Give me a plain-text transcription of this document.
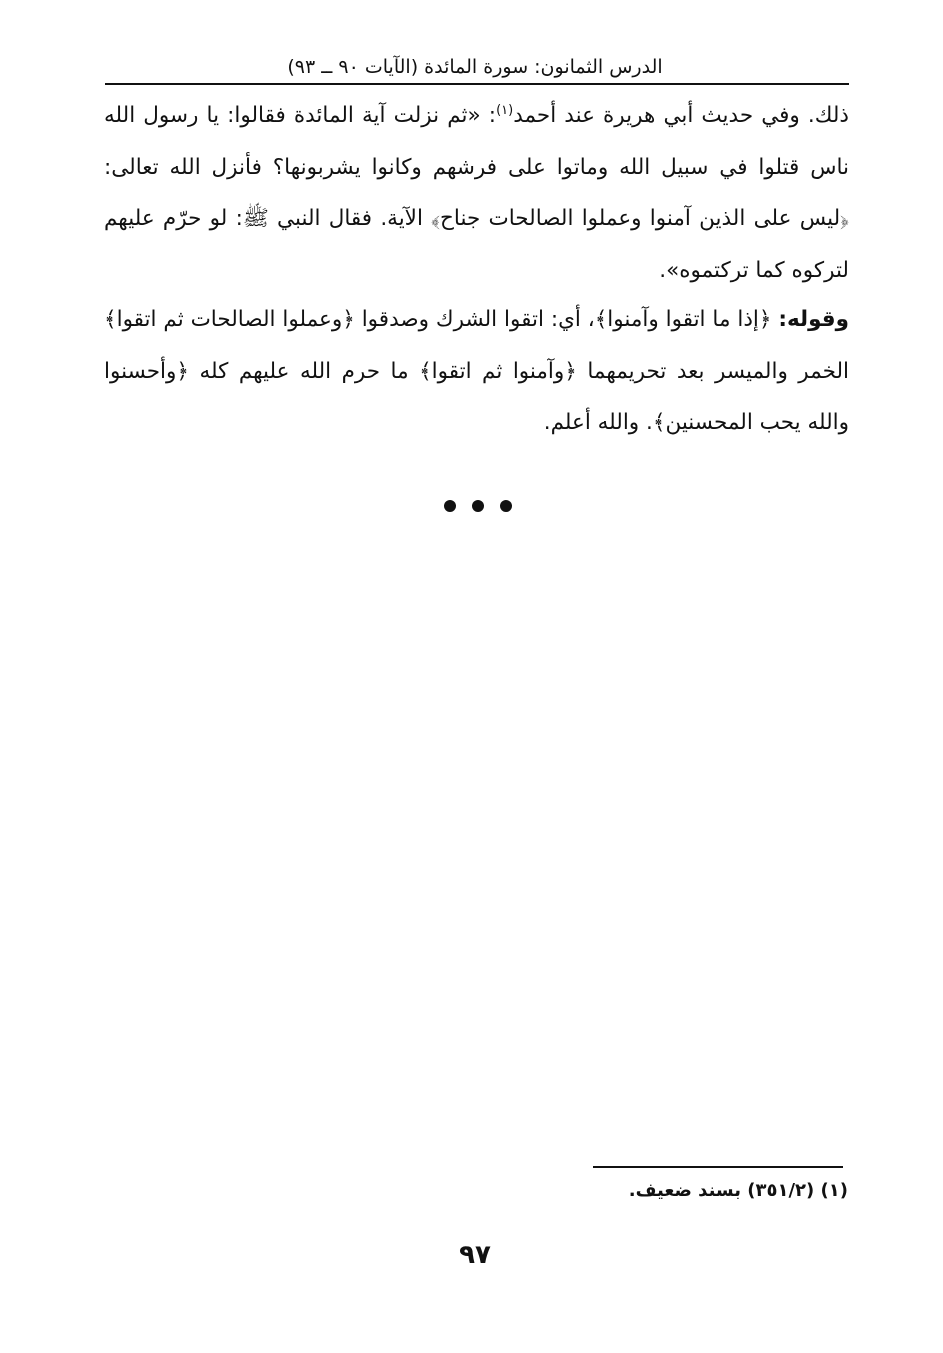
الدرس الثمانون: سورة المائدة (الآيات ٩٠ ــ ٩٣)

ذلك. وفي حديث أبي هريرة عند أحمد$^{(١)}$: «ثم نزلت آية المائدة فقالوا: يا رسول الله ناس قتلوا في سبيل الله وماتوا على فرشهم وكانوا يشربونها؟ فأنزل الله تعالى: ﴿ليس على الذين آمنوا وعملوا الصالحات جناح﴾ الآية. فقال النبي ﷺ: لو حرّم عليهم لتركوه كما تركتموه».

وقوله: ﴿إذا ما اتقوا وآمنوا﴾، أي: اتقوا الشرك وصدقوا ﴿وعملوا الصالحات ثم اتقوا﴾ الخمر والميسر بعد تحريمهما ﴿وآمنوا ثم اتقوا﴾ ما حرم الله عليهم كله ﴿وأحسنوا والله يحب المحسنين﴾. والله أعلم.

(١) (٣٥١/٢) بسند ضعيف.
٩٧
